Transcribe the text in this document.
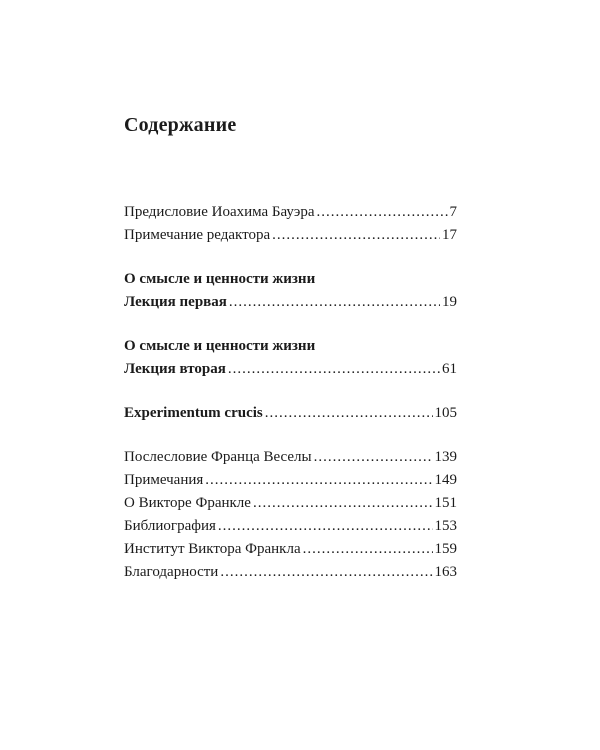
Содержание
Предисловие Иоахима Бауэра .....	7
Примечание редактора .....	17
О смысле и ценности жизни
Лекция первая .....	19
О смысле и ценности жизни
Лекция вторая .....	61
Experimentum crucis .....	105
Послесловие Франца Веселы .....	139
Примечания .....	149
О Викторе Франкле .....	151
Библиография .....	153
Институт Виктора Франкла .....	159
Благодарности .....	163
